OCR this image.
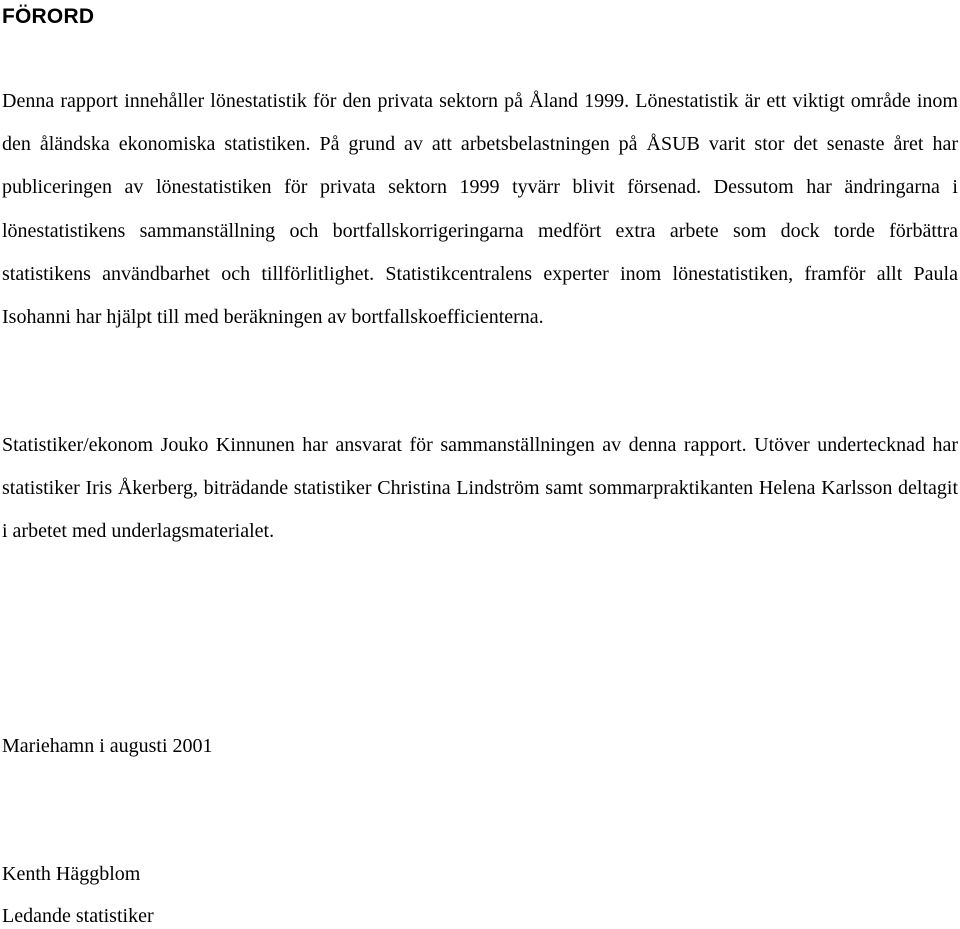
FÖRORD

Denna rapport innehåller lönestatistik för den privata sektorn på Åland 1999. Lönestatistik är ett viktigt område inom den åländska ekonomiska statistiken. På grund av att arbetsbelastningen på ÅSUB varit stor det senaste året har publiceringen av lönestatistiken för privata sektorn 1999 tyvärr blivit försenad. Dessutom har ändringarna i lönestatistikens sammanställning och bortfallskorrigeringarna medfört extra arbete som dock torde förbättra statistikens användbarhet och tillförlitlighet. Statistikcentralens experter inom lönestatistiken, framför allt Paula Isohanni har hjälpt till med beräkningen av bortfallskoefficienterna.

Statistiker/ekonom Jouko Kinnunen har ansvarat för sammanställningen av denna rapport. Utöver undertecknad har statistiker Iris Åkerberg, biträdande statistiker Christina Lindström samt sommarpraktikanten Helena Karlsson deltagit i arbetet med underlagsmaterialet.

Mariehamn i augusti 2001

Kenth Häggblom

Ledande statistiker
